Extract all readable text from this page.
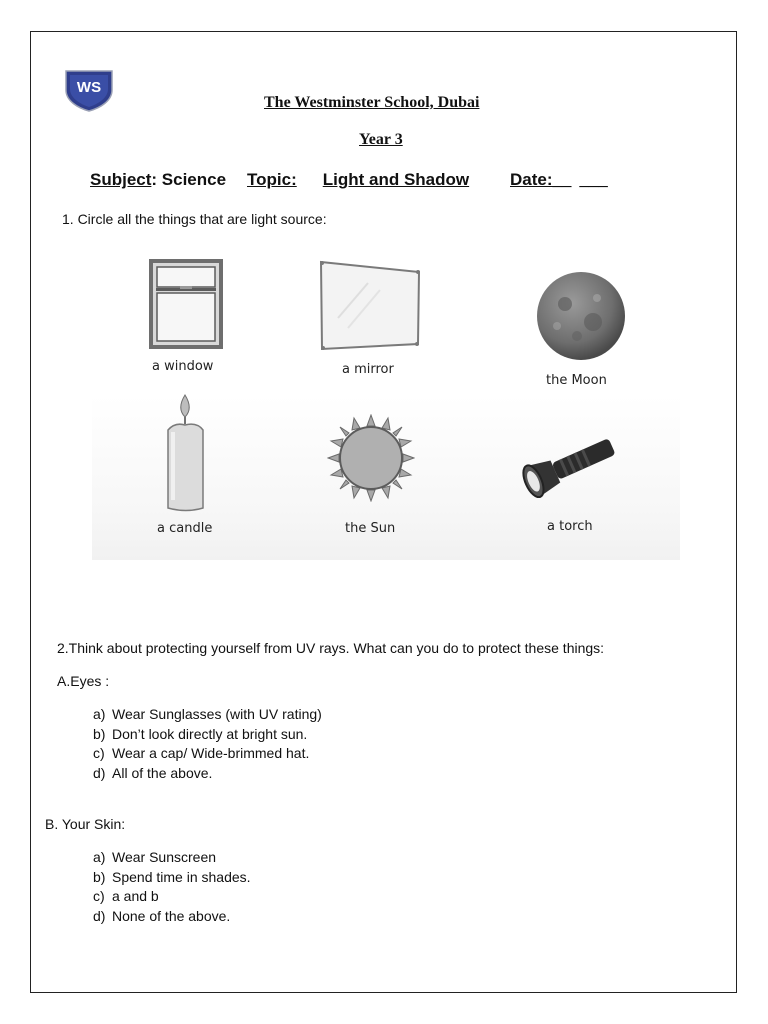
WS
The Westminster School, Dubai
Year 3
Subject: Science Topic: Light and Shadow	Date:__ ___
1. Circle all the things that are light source:
a window	a mirror
the Moon
a candle	the Sun	a torch
2.Think about protecting yourself from UV rays. What can you do to protect these things:
A.Eyes :
a) Wear Sunglasses (with UV rating)
b) Don’t look directly at bright sun.
c) Wear a cap/ Wide-brimmed hat.
d) All of the above.
B. Your Skin:
a) Wear Sunscreen
b) Spend time in shades.
c) a and b
d) None of the above.
